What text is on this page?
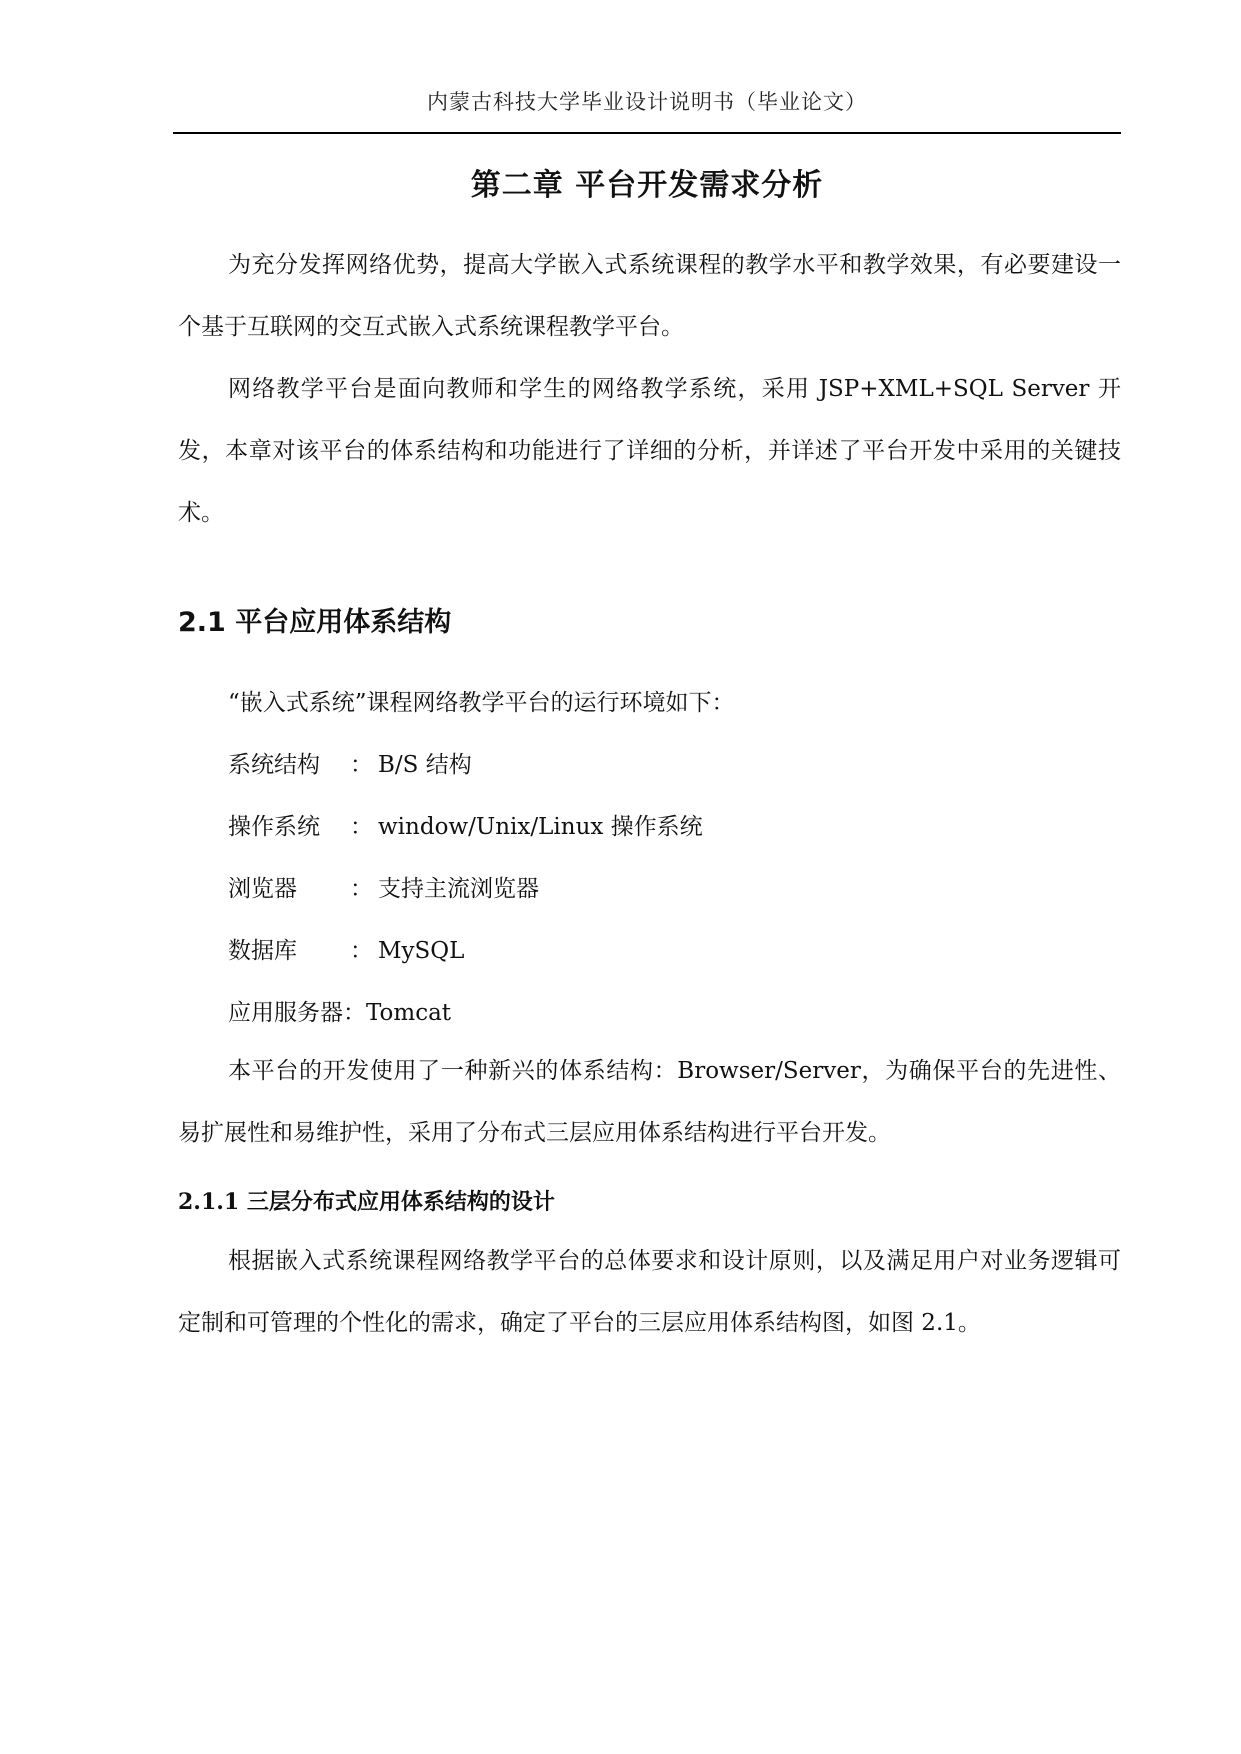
内蒙古科技大学毕业设计说明书（毕业论文）
第二章 平台开发需求分析

为充分发挥网络优势，提高大学嵌入式系统课程的教学水平和教学效果，有必要建设一个基于互联网的交互式嵌入式系统课程教学平台。

网络教学平台是面向教师和学生的网络教学系统，采用 JSP+XML+SQL Server 开发，本章对该平台的体系结构和功能进行了详细的分析，并详述了平台开发中采用的关键技术。

2.1 平台应用体系结构
“嵌入式系统”课程网络教学平台的运行环境如下：
系统结构 ： B/S 结构
操作系统 ： window/Unix/Linux 操作系统
浏览器 ： 支持主流浏览器
数据库 ： MySQL
应用服务器：Tomcat

本平台的开发使用了一种新兴的体系结构：Browser/Server，为确保平台的先进性、易扩展性和易维护性，采用了分布式三层应用体系结构进行平台开发。

2.1.1 三层分布式应用体系结构的设计

根据嵌入式系统课程网络教学平台的总体要求和设计原则，以及满足用户对业务逻辑可定制和可管理的个性化的需求，确定了平台的三层应用体系结构图，如图 2.1。
